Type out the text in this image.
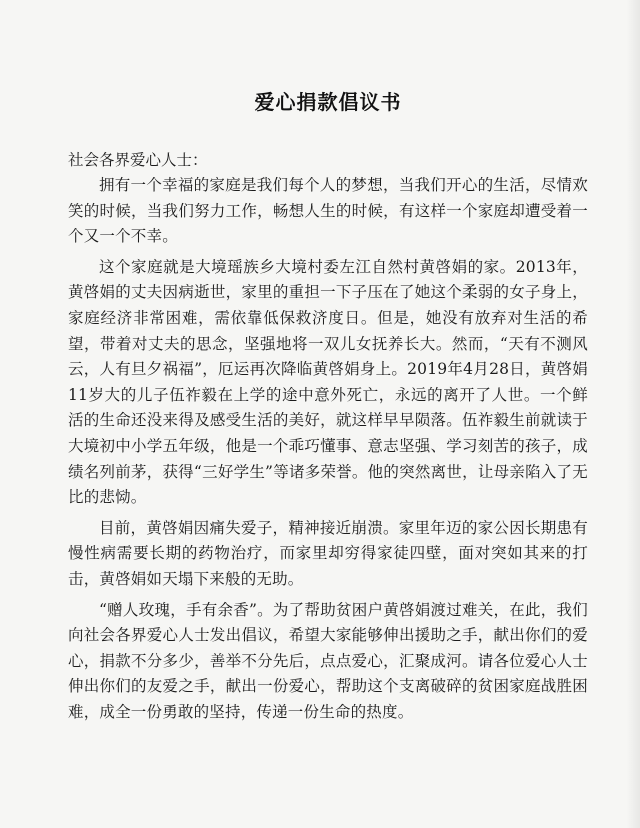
爱心捐款倡议书

社会各界爱心人士：

拥有一个幸福的家庭是我们每个人的梦想，当我们开心的生活，尽情欢笑的时候，当我们努力工作，畅想人生的时候，有这样一个家庭却遭受着一个又一个不幸。

这个家庭就是大境瑶族乡大境村委左江自然村黄啓娟的家。2013年，黄啓娟的丈夫因病逝世，家里的重担一下子压在了她这个柔弱的女子身上，家庭经济非常困难，需依靠低保救济度日。但是，她没有放弃对生活的希望，带着对丈夫的思念，坚强地将一双儿女抚养长大。然而，“天有不测风云，人有旦夕祸福”，厄运再次降临黄啓娟身上。2019年4月28日，黄啓娟11岁大的儿子伍祚毅在上学的途中意外死亡，永远的离开了人世。一个鲜活的生命还没来得及感受生活的美好，就这样早早陨落。伍祚毅生前就读于大境初中小学五年级，他是一个乖巧懂事、意志坚强、学习刻苦的孩子，成绩名列前茅，获得“三好学生”等诸多荣誉。他的突然离世，让母亲陷入了无比的悲恸。

目前，黄啓娟因痛失爱子，精神接近崩溃。家里年迈的家公因长期患有慢性病需要长期的药物治疗，而家里却穷得家徒四壁，面对突如其来的打击，黄啓娟如天塌下来般的无助。

“赠人玫瑰，手有余香”。为了帮助贫困户黄啓娟渡过难关，在此，我们向社会各界爱心人士发出倡议，希望大家能够伸出援助之手，献出你们的爱心，捐款不分多少，善举不分先后，点点爱心，汇聚成河。请各位爱心人士伸出你们的友爱之手，献出一份爱心，帮助这个支离破碎的贫困家庭战胜困难，成全一份勇敢的坚持，传递一份生命的热度。
